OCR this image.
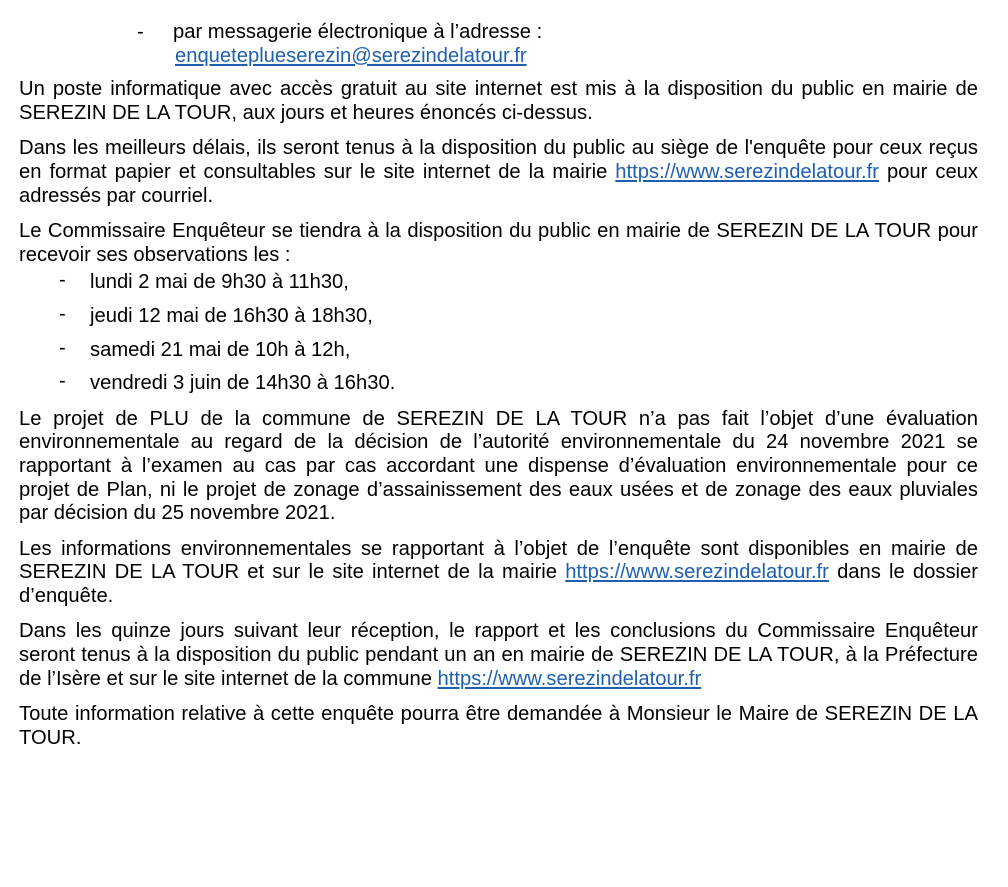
- par messagerie électronique à l’adresse :
enqueteplueserezin@serezindelatour.fr

Un poste informatique avec accès gratuit au site internet est mis à la disposition du public en mairie de SEREZIN DE LA TOUR, aux jours et heures énoncés ci-dessus.

Dans les meilleurs délais, ils seront tenus à la disposition du public au siège de l'enquête pour ceux reçus en format papier et consultables sur le site internet de la mairie https://www.serezindelatour.fr pour ceux adressés par courriel.

Le Commissaire Enquêteur se tiendra à la disposition du public en mairie de SEREZIN DE LA TOUR pour recevoir ses observations les :

- lundi 2 mai de 9h30 à 11h30,
- jeudi 12 mai de 16h30 à 18h30,
- samedi 21 mai de 10h à 12h,
- vendredi 3 juin de 14h30 à 16h30.

Le projet de PLU de la commune de SEREZIN DE LA TOUR n’a pas fait l’objet d’une évaluation environnementale au regard de la décision de l’autorité environnementale du 24 novembre 2021 se rapportant à l’examen au cas par cas accordant une dispense d’évaluation environnementale pour ce projet de Plan, ni le projet de zonage d’assainissement des eaux usées et de zonage des eaux pluviales par décision du 25 novembre 2021.

Les informations environnementales se rapportant à l’objet de l’enquête sont disponibles en mairie de SEREZIN DE LA TOUR et sur le site internet de la mairie https://www.serezindelatour.fr dans le dossier d’enquête.

Dans les quinze jours suivant leur réception, le rapport et les conclusions du Commissaire Enquêteur seront tenus à la disposition du public pendant un an en mairie de SEREZIN DE LA TOUR, à la Préfecture de l’Isère et sur le site internet de la commune https://www.serezindelatour.fr

Toute information relative à cette enquête pourra être demandée à Monsieur le Maire de SEREZIN DE LA TOUR.
